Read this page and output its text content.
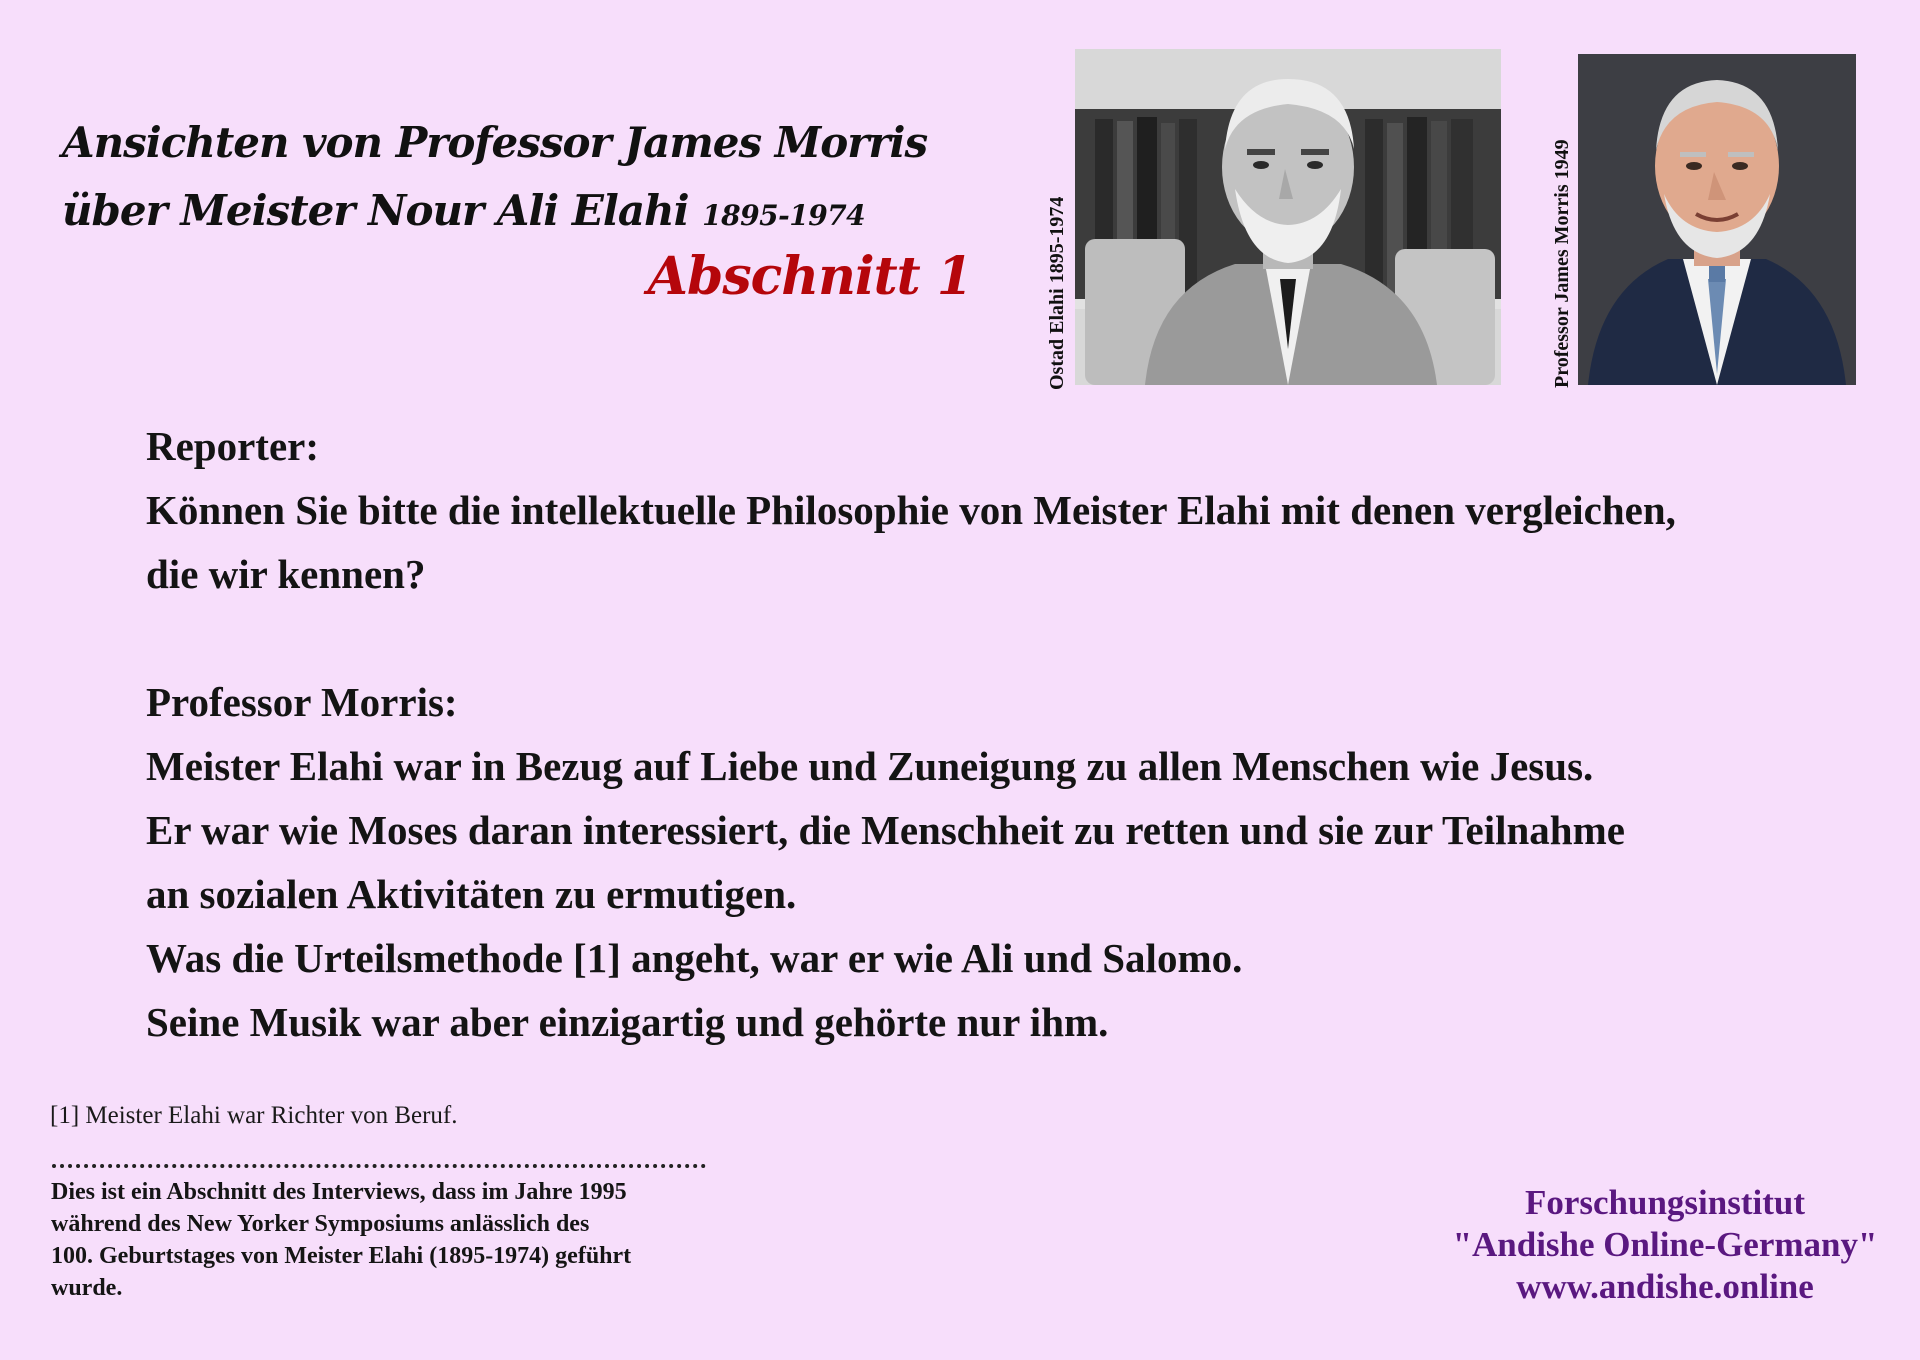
Ansichten von Professor James Morris
über Meister Nour Ali Elahi 1895-1974
Abschnitt 1	Ostad Elahi 1895-1974	Professor James Morris 1949

Reporter:

Können Sie bitte die intellektuelle Philosophie von Meister Elahi mit denen vergleichen,

die wir kennen?

Professor Morris:

Meister Elahi war in Bezug auf Liebe und Zuneigung zu allen Menschen wie Jesus.

Er war wie Moses daran interessiert, die Menschheit zu retten und sie zur Teilnahme

an sozialen Aktivitäten zu ermutigen.

Was die Urteilsmethode [1] angeht, war er wie Ali und Salomo.

Seine Musik war aber einzigartig und gehörte nur ihm.

[1] Meister Elahi war Richter von Beruf.

Dies ist ein Abschnitt des Interviews, dass im Jahre 1995
während des New Yorker Symposiums anlässlich des
100. Geburtstages von Meister Elahi (1895-1974) geführt
wurde.

Forschungsinstitut
"Andishe Online-Germany"
www.andishe.online
